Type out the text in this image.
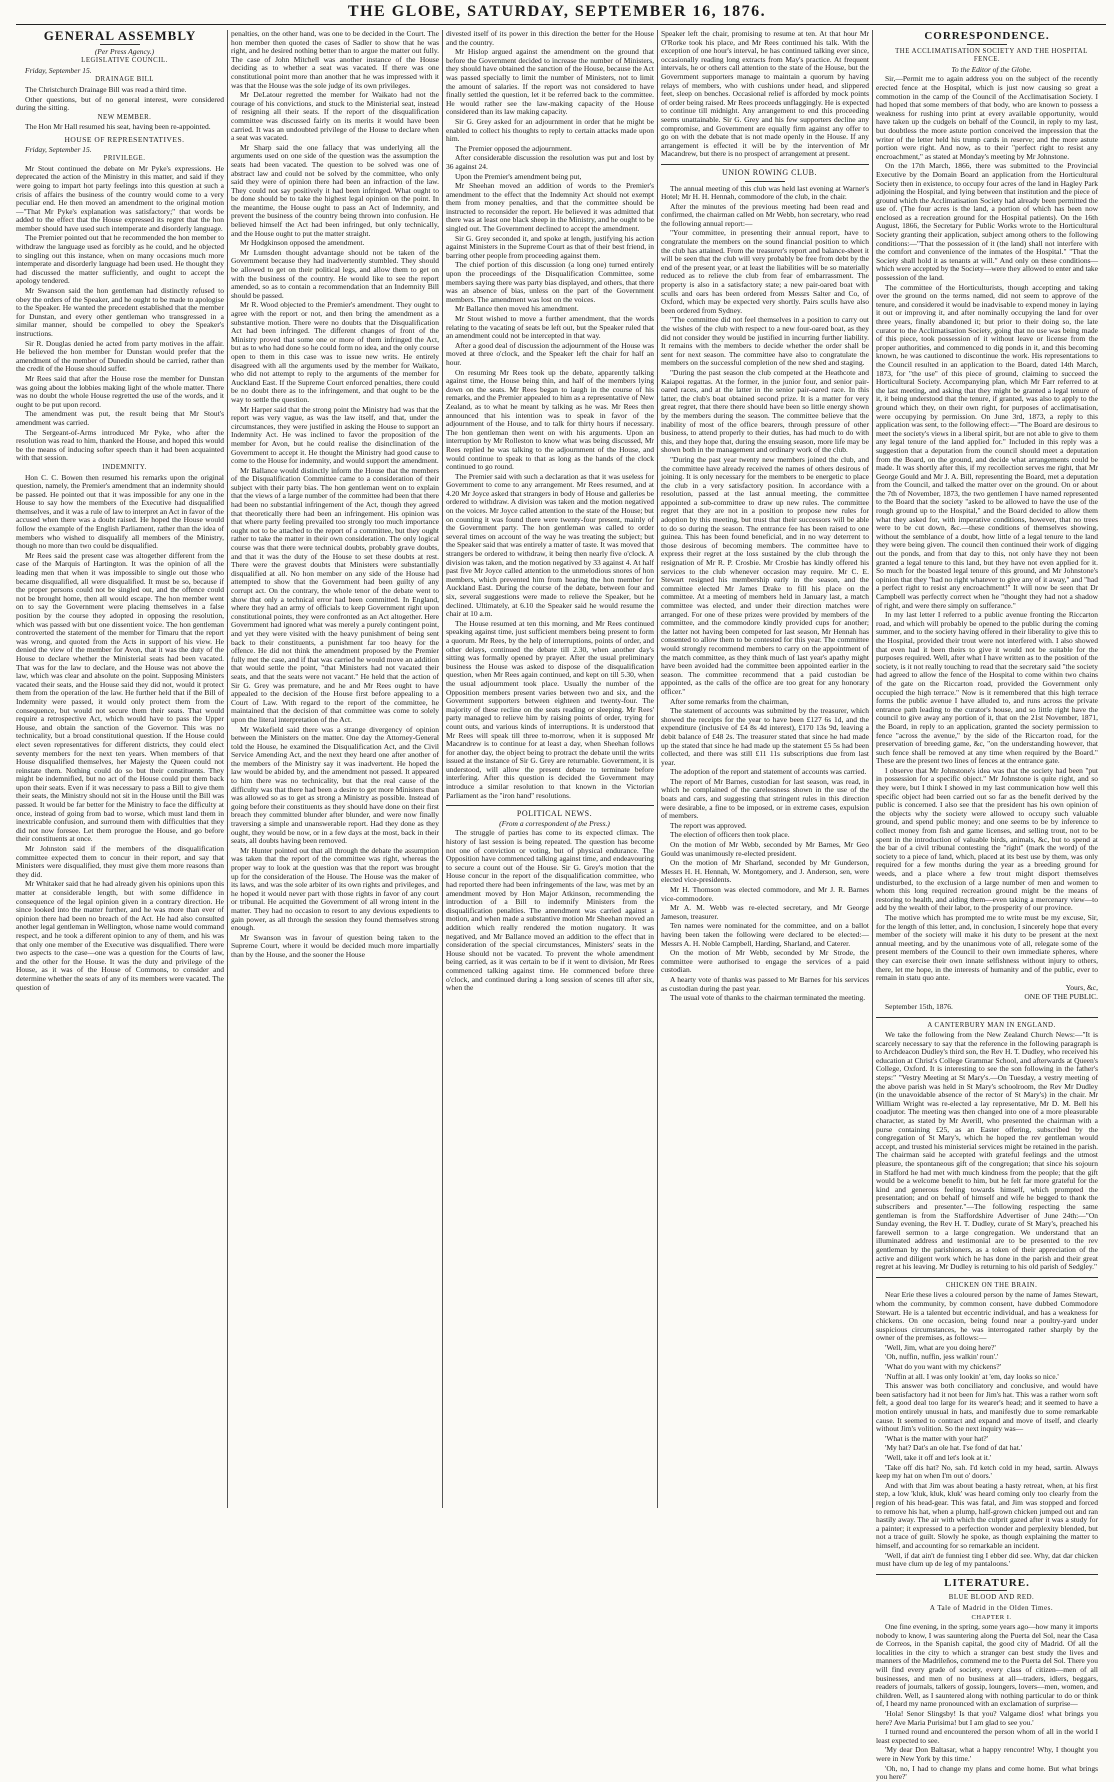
THE GLOBE, SATURDAY, SEPTEMBER 16, 1876.
GENERAL ASSEMBLY

(Per Press Agency.)

LEGISLATIVE COUNCIL.

Friday, September 15.

DRAINAGE BILL

The Christchurch Drainage Bill was read a third time.

Other questions, but of no general interest, were considered during the sitting.

NEW MEMBER.

The Hon Mr Hall resumed his seat, having been re-appointed.

HOUSE OF REPRESENTATIVES.

Friday, September 15.

PRIVILEGE.

Mr Stout continued the debate on Mr Pyke's expressions. He deprecated the action of the Ministry in this matter, and said if they were going to impart hot party feelings into this question at such a crisis of affairs the business of the country would come to a very peculiar end. He then moved an amendment to the original motion—"That Mr Pyke's explanation was satisfactory;" that words be added to the effect that the House expressed its regret that the hon member should have used such intemperate and disorderly language.

The Premier pointed out that he recommended the hon member to withdraw the language used as forcibly as he could, and he objected to singling out this instance, when on many occasions much more intemperate and disorderly language had been used. He thought they had discussed the matter sufficiently, and ought to accept the apology tendered.

Mr Swanson said the hon gentleman had distinctly refused to obey the orders of the Speaker, and he ought to be made to apologise to the Speaker. He wanted the precedent established that the member for Dunstan, and every other gentleman who transgressed in a similar manner, should be compelled to obey the Speaker's instructions.

Sir R. Douglas denied he acted from party motives in the affair. He believed the hon member for Dunstan would prefer that the amendment of the member of Dunedin should be carried, rather than the credit of the House should suffer.

Mr Rees said that after the House rose the member for Dunstan was going about the lobbies making light of the whole matter. There was no doubt the whole House regretted the use of the words, and it ought to be put upon record.

The amendment was put, the result being that Mr Stout's amendment was carried.

The Sergeant-of-Arms introduced Mr Pyke, who after the resolution was read to him, thanked the House, and hoped this would be the means of inducing softer speech than it had been acquainted with that session.

INDEMNITY.

Hon C. C. Bowen then resumed his remarks upon the original question, namely, the Premier's amendment that an indemnity should be passed. He pointed out that it was impossible for any one in the House to say how the members of the Executive had disqualified themselves, and it was a rule of law to interpret an Act in favor of the accused when there was a doubt raised. He hoped the House would follow the example of the English Parliament, rather than the idea of members who wished to disqualify all members of the Ministry, though no more than two could be disqualified.

Mr Rees said the present case was altogether different from the case of the Marquis of Hartington. It was the opinion of all the leading men that when it was impossible to single out those who became disqualified, all were disqualified. It must be so, because if the proper persons could not be singled out, and the offence could not be brought home, then all would escape. The hon member went on to say the Government were placing themselves in a false position by the course they adopted in opposing the resolution, which was passed with but one dissentient voice. The hon gentleman controverted the statement of the member for Timaru that the report was wrong, and quoted from the Acts in support of his view. He denied the view of the member for Avon, that it was the duty of the House to declare whether the Ministerial seats had been vacated. That was for the law to declare, and the House was not above the law, which was clear and absolute on the point. Supposing Ministers vacated their seats, and the House said they did not, would it protect them from the operation of the law. He further held that if the Bill of Indemnity were passed, it would only protect them from the consequence, but would not secure them their seats. That would require a retrospective Act, which would have to pass the Upper House, and obtain the sanction of the Governor. This was no technicality, but a broad constitutional question. If the House could elect seven representatives for different districts, they could elect seventy members for the next ten years. When members of that House disqualified themselves, her Majesty the Queen could not reinstate them. Nothing could do so but their constituents. They might be indemnified, but no act of the House could put them back upon their seats. Even if it was necessary to pass a Bill to give them their seats, the Ministry should not sit in the House until the Bill was passed. It would be far better for the Ministry to face the difficulty at once, instead of going from bad to worse, which must land them in inextricable confusion, and surround them with difficulties that they did not now foresee. Let them prorogue the House, and go before their constituents at once.

Mr Johnston said if the members of the disqualification committee expected them to concur in their report, and say that Ministers were disqualified, they must give them more reasons than they did.

Mr Whitaker said that he had already given his opinions upon this matter at considerable length, but with some diffidence in consequence of the legal opinion given in a contrary direction. He since looked into the matter further, and he was more than ever of opinion there had been no breach of the Act. He had also consulted another legal gentleman in Wellington, whose name would command respect, and he took a different opinion to any of them, and his was that only one member of the Executive was disqualified. There were two aspects to the case—one was a question for the Courts of law, and the other for the House. It was the duty and privilege of the House, as it was of the House of Commons, to consider and determine whether the seats of any of its members were vacated. The question of

penalties, on the other hand, was one to be decided in the Court. The hon member then quoted the cases of Sadler to show that he was right, and he desired nothing better than to argue the matter out fully. The case of John Mitchell was another instance of the House deciding as to whether a seat was vacated. If there was one constitutional point more than another that he was impressed with it was that the House was the sole judge of its own privileges.

Mr DeLatour regretted the member for Waikato had not the courage of his convictions, and stuck to the Ministerial seat, instead of resigning all their seats. If the report of the disqualification committee was discussed fairly on its merits it would have been carried. It was an undoubted privilege of the House to declare when a seat was vacated.

Mr Sharp said the one fallacy that was underlying all the arguments used on one side of the question was the assumption the seats had been vacated. The question to be solved was one of abstract law and could not be solved by the committee, who only said they were of opinion there had been an infraction of the law. They could not say positively it had been infringed. What ought to be done should be to take the highest legal opinion on the point. In the meantime, the House ought to pass an Act of Indemnity, and prevent the business of the country being thrown into confusion. He believed himself the Act had been infringed, but only technically, and the House ought to put the matter straight.

Mr Hodgkinson opposed the amendment.

Mr Lumsden thought advantage should not be taken of the Government because they had inadvertently stumbled. They should be allowed to get on their political legs, and allow them to get on with the business of the country. He would like to see the report amended, so as to contain a recommendation that an Indemnity Bill should be passed.

Mr R. Wood objected to the Premier's amendment. They ought to agree with the report or not, and then bring the amendment as a substantive motion. There were no doubts that the Disqualification Act had been infringed. The different changes of front of the Ministry proved that some one or more of them infringed the Act, but as to who had done so he could form no idea, and the only course open to them in this case was to issue new writs. He entirely disagreed with all the arguments used by the member for Waikato, who did not attempt to reply to the arguments of the member for Auckland East. If the Supreme Court enforced penalties, there could be no doubt there as to the infringement, and that ought to be the way to settle the question.

Mr Harper said that the strong point the Ministry had was that the report was very vague, as was the law itself, and that, under the circumstances, they were justified in asking the House to support an Indemnity Act. He was inclined to favor the proposition of the member for Avon, but he could realise the disinclination of the Government to accept it. He thought the Ministry had good cause to come to the House for indemnity, and would support the amendment.

Mr Ballance would distinctly inform the House that the members of the Disqualification Committee came to a consideration of their subject with their party bias. The hon gentleman went on to explain that the views of a large number of the committee had been that there had been no substantial infringement of the Act, though they agreed that theoretically there had been an infringement. His opinion was that where party feeling prevailed too strongly too much importance ought not to be attached to the report of a committee, but they ought rather to take the matter in their own consideration. The only logical course was that there were technical doubts, probably grave doubts, and that it was the duty of the House to set these doubts at rest. There were the gravest doubts that Ministers were substantially disqualified at all. No hon member on any side of the House had attempted to show that the Government had been guilty of any corrupt act. On the contrary, the whole tenor of the debate went to show that only a technical error had been committed. In England, where they had an army of officials to keep Government right upon constitutional points, they were confronted as an Act altogether. Here Government had ignored what was merely a purely contingent point, and yet they were visited with the heavy punishment of being sent back to their constituents, a punishment far too heavy for the offence. He did not think the amendment proposed by the Premier fully met the case, and if that was carried he would move an addition that would settle the point, "that Ministers had not vacated their seats, and that the seats were not vacant." He held that the action of Sir G. Grey was premature, and he and Mr Rees ought to have appealed to the decision of the House first before appealing to a Court of Law. With regard to the report of the committee, he maintained that the decision of that committee was come to solely upon the literal interpretation of the Act.

Mr Wakefield said there was a strange divergency of opinion between the Ministers on the matter. One day the Attorney-General told the House, he examined the Disqualification Act, and the Civil Service Amending Act, and the next they heard one after another of the members of the Ministry say it was inadvertent. He hoped the law would be abided by, and the amendment not passed. It appeared to him there was no technicality, but that the real cause of the difficulty was that there had been a desire to get more Ministers than was allowed so as to get as strong a Ministry as possible. Instead of going before their constituents as they should have done on their first breach they committed blunder after blunder, and were now finally traversing a simple and unanswerable report. Had they done as they ought, they would be now, or in a few days at the most, back in their seats, all doubts having been removed.

Mr Hunter pointed out that all through the debate the assumption was taken that the report of the committee was right, whereas the proper way to look at the question was that the report was brought up for the consideration of the House. The House was the maker of its laws, and was the sole arbiter of its own rights and privileges, and he hoped it would never part with those rights in favor of any court or tribunal. He acquitted the Government of all wrong intent in the matter. They had no occasion to resort to any devious expedients to gain power, as all through the session they found themselves strong enough.

Mr Swanson was in favour of question being taken to the Supreme Court, where it would be decided much more impartially than by the House, and the sooner the House

divested itself of its power in this direction the better for the House and the country.

Mr Hislop argued against the amendment on the ground that before the Government decided to increase the number of Ministers, they should have obtained the sanction of the House, because the Act was passed specially to limit the number of Ministers, not to limit the amount of salaries. If the report was not considered to have finally settled the question, let it be referred back to the committee. He would rather see the law-making capacity of the House considered than its law making capacity.

Sir G. Grey asked for an adjournment in order that he might be enabled to collect his thoughts to reply to certain attacks made upon him.

The Premier opposed the adjournment.

After considerable discussion the resolution was put and lost by 36 against 24.

Upon the Premier's amendment being put,

Mr Sheehan moved an addition of words to the Premier's amendment to the effect that the Indemnity Act should not exempt them from money penalties, and that the committee should be instructed to reconsider the report. He believed it was admitted that there was at least one black sheep in the Ministry, and he ought to be singled out. The Government declined to accept the amendment.

Sir G. Grey seconded it, and spoke at length, justifying his action against Ministers in the Supreme Court as that of their best friend, in barring other people from proceeding against them.

The chief portion of this discussion (a long one) turned entirely upon the proceedings of the Disqualification Committee, some members saying there was party bias displayed, and others, that there was an absence of bias, unless on the part of the Government members. The amendment was lost on the voices.

Mr Ballance then moved his amendment.

Mr Stout wished to move a further amendment, that the words relating to the vacating of seats be left out, but the Speaker ruled that an amendment could not be intercepted in that way.

After a good deal of discussion the adjournment of the House was moved at three o'clock, and the Speaker left the chair for half an hour.

On resuming Mr Rees took up the debate, apparently talking against time, the House being thin, and half of the members lying down on the seats. Mr Rees began to laugh in the course of his remarks, and the Premier appealed to him as a representative of New Zealand, as to what he meant by talking as he was. Mr Rees then announced that his intention was to speak in favor of the adjournment of the House, and to talk for thirty hours if necessary. The hon gentleman then went on with his arguments. Upon an interruption by Mr Rolleston to know what was being discussed, Mr Rees replied he was talking to the adjournment of the House, and would continue to speak to that as long as the hands of the clock continued to go round.

The Premier said with such a declaration as that it was useless for Government to come to any arrangement. Mr Rees resumed, and at 4.20 Mr Joyce asked that strangers in body of House and galleries be ordered to withdraw. A division was taken and the motion negatived on the voices. Mr Joyce called attention to the state of the House; but on counting it was found there were twenty-four present, mainly of the Government party. The hon gentleman was called to order several times on account of the way he was treating the subject; but the Speaker said that was entirely a matter of taste. It was moved that strangers be ordered to withdraw, it being then nearly five o'clock. A division was taken, and the motion negatived by 33 against 4. At half past five Mr Joyce called attention to the unmelodious snores of hon members, which prevented him from hearing the hon member for Auckland East. During the course of the debate, between four and six, several suggestions were made to relieve the Speaker, but he declined. Ultimately, at 6.10 the Speaker said he would resume the chair at 10 a.m.

The House resumed at ten this morning, and Mr Rees continued speaking against time, just sufficient members being present to form a quorum. Mr Rees, by the help of interruptions, points of order, and other delays, continued the debate till 2.30, when another day's sitting was formally opened by prayer. After the usual preliminary business the House was asked to dispose of the disqualification question, when Mr Rees again continued, and kept on till 5.30, when the usual adjournment took place. Usually the number of the Opposition members present varies between two and six, and the Government supporters between eighteen and twenty-four. The majority of these recline on the seats reading or sleeping. Mr Rees' party managed to relieve him by raising points of order, trying for count outs, and various kinds of interruptions. It is understood that Mr Rees will speak till three to-morrow, when it is supposed Mr Macandrew is to continue for at least a day, when Sheehan follows for another day, the object being to protract the debate until the writs issued at the instance of Sir G. Grey are returnable. Government, it is understood, will allow the present debate to terminate before interfering. After this question is decided the Government may introduce a similar resolution to that known in the Victorian Parliament as the "iron hand" resolutions.

POLITICAL NEWS.

(From a correspondent of the Press.)

The struggle of parties has come to its expected climax. The history of last session is being repeated. The question has become not one of conviction or voting, but of physical endurance. The Opposition have commenced talking against time, and endeavouring to secure a count out of the House. Sir G. Grey's motion that the House concur in the report of the disqualification committee, who had reported there had been infringements of the law, was met by an amendment moved by Hon Major Atkinson, recommending the introduction of a Bill to indemnify Ministers from the disqualification penalties. The amendment was carried against a motion, and when made a substantive motion Mr Sheehan moved an addition which really rendered the motion nugatory. It was negatived, and Mr Ballance moved an addition to the effect that in consideration of the special circumstances, Ministers' seats in the House should not be vacated. To prevent the whole amendment being carried, as it was certain to be if it went to division, Mr Rees commenced talking against time. He commenced before three o'clock, and continued during a long session of scenes till after six, when the

Speaker left the chair, promising to resume at ten. At that hour Mr O'Rorke took his place, and Mr Rees continued his talk. With the exception of one hour's interval, he has continued talking ever since, occasionally reading long extracts from May's practice. At frequent intervals, he or others call attention to the state of the House, but the Government supporters manage to maintain a quorum by having relays of members, who with cushions under head, and slippered feet, sleep on benches. Occasional relief is afforded by mock points of order being raised. Mr Rees proceeds unflaggingly. He is expected to continue till midnight. Any arrangement to end this proceeding seems unattainable. Sir G. Grey and his few supporters decline any compromise, and Government are equally firm against any offer to go on with the debate that is not made openly in the House. If any arrangement is effected it will be by the intervention of Mr Macandrew, but there is no prospect of arrangement at present.

UNION ROWING CLUB.

The annual meeting of this club was held last evening at Warner's Hotel; Mr H. H. Hennah, commodore of the club, in the chair.

After the minutes of the previous meeting had been read and confirmed, the chairman called on Mr Webb, hon secretary, who read the following annual report:—

"Your committee, in presenting their annual report, have to congratulate the members on the sound financial position to which the club has attained. From the treasurer's report and balance-sheet it will be seen that the club will very probably be free from debt by the end of the present year, or at least the liabilities will be so materially reduced as to relieve the club from fear of embarrassment. The property is also in a satisfactory state; a new pair-oared boat with sculls and oars has been ordered from Messrs Salter and Co, of Oxford, which may be expected very shortly. Pairs sculls have also been ordered from Sydney.

"The committee did not feel themselves in a position to carry out the wishes of the club with respect to a new four-oared boat, as they did not consider they would be justified in incurring further liability. It remains with the members to decide whether the order shall be sent for next season. The committee have also to congratulate the members on the successful completion of the new shed and staging.

"During the past season the club competed at the Heathcote and Kaiapoi regattas. At the former, in the junior four, and senior pair-oared races, and at the latter in the senior pair-oared race. In this latter, the club's boat obtained second prize. It is a matter for very great regret, that there there should have been so little energy shown by the members during the season. The committee believe that the inability of most of the office bearers, through pressure of other business, to attend properly to their duties, has had much to do with this, and they hope that, during the ensuing season, more life may be shown both in the management and ordinary work of the club.

"During the past year twenty new members joined the club, and the committee have already received the names of others desirous of joining. It is only necessary for the members to be energetic to place the club in a very satisfactory position. In accordance with a resolution, passed at the last annual meeting, the committee appointed a sub-committee to draw up new rules. The committee regret that they are not in a position to propose new rules for adoption by this meeting, but trust that their successors will be able to do so during the season. The entrance fee has been raised to one guinea. This has been found beneficial, and in no way deterrent to those desirous of becoming members. The committee have to express their regret at the loss sustained by the club through the resignation of Mr R. P. Crosbie. Mr Crosbie has kindly offered his services to the club whenever occasion may require. Mr C. E. Stewart resigned his membership early in the season, and the committee elected Mr James Drake to fill his place on the committee. At a meeting of members held in January last, a match committee was elected, and under their direction matches were arranged. For one of these prizes were provided by members of the committee, and the commodore kindly provided cups for another; the latter not having been competed for last season, Mr Hennah has consented to allow them to be contested for this year. The committee would strongly recommend members to carry on the appointment of the match committee, as they think much of last year's apathy might have been avoided had the committee been appointed earlier in the season. The committee recommend that a paid custodian be appointed, as the calls of the office are too great for any honorary officer."

After some remarks from the chairman,

The statement of accounts was submitted by the treasurer, which showed the receipts for the year to have been £127 6s 1d, and the expenditure (inclusive of £4 8s 4d interest), £170 13s 9d, leaving a debit balance of £48 2s. The treasurer stated that since he had made up the stated that since he had made up the statement £5 5s had been collected, and there was still £11 11s subscriptions due from last year.

The adoption of the report and statement of accounts was carried.

The report of Mr Barnes, custodian for last season, was read, in which he complained of the carelessness shown in the use of the boats and cars, and suggesting that stringent rules in this direction were desirable, a fine to be imposed, or in extreme cases, expulsion of members.

The report was approved.

The election of officers then took place.

On the motion of Mr Webb, seconded by Mr Barnes, Mr Geo Gould was unanimously re-elected president.

On the motion of Mr Sharland, seconded by Mr Gunderson, Messrs H. H. Hennah, W. Montgomery, and J. Anderson, sen, were elected vice-presidents.

Mr H. Thomson was elected commodore, and Mr J. R. Barnes vice-commodore.

Mr A. M. Webb was re-elected secretary, and Mr George Jameson, treasurer.

Ten names were nominated for the committee, and on a ballot having been taken the following were declared to be elected:—Messrs A. H. Noble Campbell, Harding, Sharland, and Caterer.

On the motion of Mr Webb, seconded by Mr Strode, the committee were authorised to engage the services of a paid custodian.

A hearty vote of thanks was passed to Mr Barnes for his services as custodian during the past year.

The usual vote of thanks to the chairman terminated the meeting.

CORRESPONDENCE.

THE ACCLIMATISATION SOCIETY AND THE HOSPITAL FENCE.

To the Editor of the Globe.

Sir,—Permit me to again address you on the subject of the recently erected fence at the Hospital, which is just now causing so great a commotion in the camp of the Council of the Acclimatisation Society. I had hoped that some members of that body, who are known to possess a weakness for rushing into print at every available opportunity, would have taken up the cudgels on behalf of the Council, in reply to my last, but doubtless the more astute portion conceived the impression that the writer of the letter held his trump cards in reserve; and the more astute portion were right. And now, as to their "perfect right to resist any encroachment," as stated at Monday's meeting by Mr Johnstone.

On the 17th March, 1866, there was submitted to the Provincial Executive by the Domain Board an application from the Horticultural Society then in existence, to occupy four acres of the land in Hagley Park adjoining the Hospital, and lying between that institution and the piece of ground which the Acclimatisation Society had already been permitted the use of. (The four acres is the land, a portion of which has been now enclosed as a recreation ground for the Hospital patients). On the 16th August, 1866, the Secretary for Public Works wrote to the Horticultural Society granting their application, subject among others to the following conditions:—"That the possession of it (the land) shall not interfere with the comfort and convenience of the inmates of the Hospital." "That the Society shall hold it as tenants at will." And only on these conditions—which were accepted by the Society—were they allowed to enter and take possession of the land.

The committee of the Horticulturists, though accepting and taking over the ground on the terms named, did not seem to approve of the tenure, and considered it would be inadvisable to expend money in laying it out or improving it, and after nominally occupying the land for over three years, finally abandoned it; but prior to their doing so, the late curator to the Acclimatisation Society, going that no use was being made of this piece, took possession of it without leave or license from the proper authorities, and commenced to dig ponds in it, and this becoming known, he was cautioned to discontinue the work. His representations to the Council resulted in an application to the Board, dated 14th March, 1873, for "the use" of this piece of ground, claiming to succeed the Horticultural Society. Accompanying plan, which Mr Farr referred to at the last meeting, and asking that they might be granted a legal tenure of it, it being understood that the tenure, if granted, was also to apply to the ground which they, on their own right, for purposes of acclimatisation, were occupying by permission. On June 3rd, 1873, a reply to this application was sent, to the following effect:—"The Board are desirous to meet the society's views in a liberal spirit, but are not able to give to them any legal tenure of the land applied for." Included in this reply was a suggestion that a deputation from the council should meet a deputation from the Board, on the ground, and decide what arrangements could be made. It was shortly after this, if my recollection serves me right, that Mr George Gould and Mr J. A. Bill, representing the Board, met a deputation from the Council, and talked the matter over on the ground. On or about the 7th of November, 1873, the two gentlemen I have named represented to the Board that the society "asked to be allowed to have the use of the rough ground up to the Hospital," and the Board decided to allow them what they asked for, with imperative conditions, however, that no trees were to be cut down, &c.—these conditions of themselves showing, without the semblance of a doubt, how little of a legal tenure to the land they were being given. The council then continued their work of digging out the ponds, and from that day to this, not only have they not been granted a legal tenure to this land, but they have not even applied for it. So much for the boasted legal tenure of this ground, and Mr Johnstone's opinion that they "had no right whatever to give any of it away," and "had a perfect right to resist any encroachment!" It will now be seen that Dr Campbell was perfectly correct when he "thought they had not a shadow of right, and were there simply on sufferance."

In my last letter I referred to a public avenue fronting the Riccarton road, and which will probably be opened to the public during the coming summer, and to the society having offered in their liberality to give this to the Hospital, provided their trout were not interfered with. I also showed that even had it been theirs to give it would not be suitable for the purposes required. Well, after what I have written as to the position of the society, is it not really touching to read that the secretary said "the society had agreed to allow the fence of the Hospital to come within two chains of the gate on the Riccarton road, provided the Government only occupied the high terrace." Now is it remembered that this high terrace forms the public avenue I have alluded to, and runs across the private entrance path leading to the curator's house, and so little right have the council to give away any portion of it, that on the 21st November, 1871, the Board, in reply to an application, granted the society permission to fence "across the avenue," by the side of the Riccarton road, for the preservation of breeding game, &c, "on the understanding however, that such fence shall be removed at any time when required by the Board." These are the present two lines of fences at the entrance gate.

I observe that Mr Johnstone's idea was that the society had been "put in possession for a specific object." Mr Johnstone is quite right, and so they were, but I think I showed in my last communication how well this specific object had been carried out so far as the benefit derived by the public is concerned. I also see that the president has his own opinion of the objects why the society were allowed to occupy such valuable ground, and spend public money; and one seems to be by inference to collect money from fish and game licenses, and selling trout, not to be spent in the introduction of valuable birds, animals, &c, but to spend at the bar of a civil tribunal contesting the "right" (mark the word) of the society to a piece of land, which, placed at its best use by them, was only required for a few months during the year as a breeding ground for weeds, and a place where a few trout might disport themselves undisturbed, to the exclusion of a large number of men and women to whom this long required recreation ground might be the means of restoring to health, and aiding them—even taking a mercenary view—to add by the wealth of their labor, to the prosperity of our province.

The motive which has prompted me to write must be my excuse, Sir, for the length of this letter, and, in conclusion, I sincerely hope that every member of the society will make it his duty to be present at the next annual meeting, and by the unanimous vote of all, relegate some of the present members of the Council to their own immediate spheres, where they can exercise their own innate selfishness without injury to others, there, let me hope, in the interests of humanity and of the public, ever to remain in statu quo ante.

Yours, &c,

ONE OF THE PUBLIC.

September 15th, 1876.

A CANTERBURY MAN IN ENGLAND.

We take the following from the New Zealand Church News:—"It is scarcely necessary to say that the reference in the following paragraph is to Archdeacon Dudley's third son, the Rev H. T. Dudley, who received his education at Christ's College Grammar School, and afterwards at Queen's College, Oxford. It is interesting to see the son following in the father's steps:" "Vestry Meeting at St Mary's.—On Tuesday, a vestry meeting of the above parish was held in St Mary's schoolroom, the Rev Mr Dudley (in the unavoidable absence of the rector of St Mary's) in the chair. Mr William Wright was re-elected a lay representative, Mr D. M. Bell his coadjutor. The meeting was then changed into one of a more pleasurable character, as stated by Mr Averill, who presented the chairman with a purse containing £25, as an Easter offering, subscribed by the congregation of St Mary's, which he hoped the rev gentleman would accept, and trusted his ministerial services might be retained in the parish. The chairman said he accepted with grateful feelings and the utmost pleasure, the spontaneous gift of the congregation; that since his sojourn in Stafford he had met with much kindness from the people; that the gift would be a welcome benefit to him, but he felt far more grateful for the kind and generous feeling towards himself, which prompted the presentation; and on behalf of himself and wife he begged to thank the subscribers and presenter."—The following respecting the same gentleman is from the Staffordshire Advertiser of June 24th:—"On Sunday evening, the Rev H. T. Dudley, curate of St Mary's, preached his farewell sermon to a large congregation. We understand that an illuminated address and testimonial are to be presented to the rev gentleman by the parishioners, as a token of their appreciation of the active and diligent work which he has done in the parish and their great regret at his leaving. Mr Dudley is returning to his old parish of Sedgley."

CHICKEN ON THE BRAIN.

Near Erie these lives a coloured person by the name of James Stewart, whom the community, by common consent, have dubbed Commodore Stewart. He is a talented but eccentric individual, and has a weakness for chickens. On one occasion, being found near a poultry-yard under suspicious circumstances, he was interrogated rather sharply by the owner of the premises, as follows:—

'Well, Jim, what are you doing here?'

'Oh, nuffin, nuffin, jess walkin' roun'.'

'What do you want with my chickens?'

'Nuffin at all. I was only lookin' at 'em, day looks so nice.'

This answer was both conciliatory and conclusive, and would have been satisfactory had it not been for Jim's hat. This was a rather worn soft felt, a good deal too large for its wearer's head; and it seemed to have a motion entirely unusual in hats, and manifestly due to some remarkable cause. It seemed to contract and expand and move of itself, and clearly without Jim's volition. So the next inquiry was—

'What is the matter with your hat?'

'My hat? Dat's an ole hat. I'se fond of dat hat.'

'Well, take it off and let's look at it.'

'Take off dis hat? No, sah. I'd ketch cold in my head, sartin. Always keep my hat on when I'm out o' doors.'

And with that Jim was about beating a hasty retreat, when, at his first step, a low 'kluk, kluk, kluk' was heard coming only too clearly from the region of his head-gear. This was fatal, and Jim was stopped and forced to remove his hat, when a plump, half-grown chicken jumped out and ran hastily away. The air with which the culprit gazed after it was a study for a painter; it expressed to a perfection wonder and perplexity blended, but not a trace of guilt. Slowly he spoke, as though explaining the matter to himself, and accounting for so remarkable an incident.

'Well, if dat ain't de funniest ting I ebber did see. Why, dat dar chicken must have clum up de leg of my pantaloons.'

LITERATURE.

BLUE BLOOD AND RED.

A Tale of Madrid in the Olden Times.

CHAPTER I.

One fine evening, in the spring, some years ago—how many it imports nobody to know, I was sauntering along the Puerta del Sol, near the Casa de Correos, in the Spanish capital, the good city of Madrid. Of all the localities in the city to which a stranger can best study the lives and manners of the Madrileños, commend me to the Puerta del Sol. There you will find every grade of society, every class of citizen—men of all businesses, and men of no business at all—traders, idlers, beggars, readers of journals, talkers of gossip, loungers, lovers—men, women, and children. Well, as I sauntered along with nothing particular to do or think of, I heard my name pronounced with an exclamation of surprise—

'Hola! Senor Slingsby! Is that you? Valgame dios! what brings you here? Ave Maria Purisima! but I am glad to see you.'

I turned round and encountered the person whom of all in the world I least expected to see.

'My dear Don Baltasar, what a happy rencontre! Why, I thought you were in New York by this time.'

'Oh, no, I had to change my plans and come home. But what brings you here?'
